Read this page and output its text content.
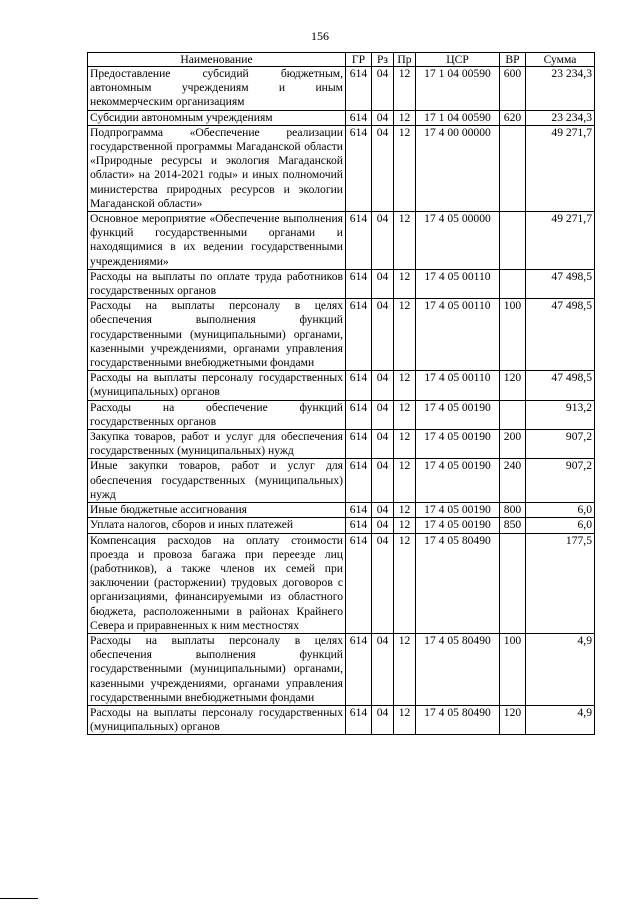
156
Наименование	ГР	Рз	Пр	ЦСР	ВР	Сумма
Предоставление субсидий бюджетным, автономным учреждениям и иным некоммерческим организациям	614	04	12	17 1 04 00590	600	23 234,3
Субсидии автономным учреждениям	614	04	12	17 1 04 00590	620	23 234,3
Подпрограмма «Обеспечение реализации государственной программы Магаданской области «Природные ресурсы и экология Магаданской области» на 2014-2021 годы» и иных полномочий министерства природных ресурсов и экологии Магаданской области»	614	04	12	17 4 00 00000		49 271,7
Основное мероприятие «Обеспечение выполнения функций государственными органами и находящимися в их ведении государственными учреждениями»	614	04	12	17 4 05 00000		49 271,7
Расходы на выплаты по оплате труда работников государственных органов	614	04	12	17 4 05 00110		47 498,5
Расходы на выплаты персоналу в целях обеспечения выполнения функций государственными (муниципальными) органами, казенными учреждениями, органами управления государственными внебюджетными фондами	614	04	12	17 4 05 00110	100	47 498,5
Расходы на выплаты персоналу государственных (муниципальных) органов	614	04	12	17 4 05 00110	120	47 498,5
Расходы на обеспечение функций государственных органов	614	04	12	17 4 05 00190		913,2
Закупка товаров, работ и услуг для обеспечения государственных (муниципальных) нужд	614	04	12	17 4 05 00190	200	907,2
Иные закупки товаров, работ и услуг для обеспечения государственных (муниципальных) нужд	614	04	12	17 4 05 00190	240	907,2
Иные бюджетные ассигнования	614	04	12	17 4 05 00190	800	6,0
Уплата налогов, сборов и иных платежей	614	04	12	17 4 05 00190	850	6,0
Компенсация расходов на оплату стоимости проезда и провоза багажа при переезде лиц (работников), а также членов их семей при заключении (расторжении) трудовых договоров с организациями, финансируемыми из областного бюджета, расположенными в районах Крайнего Севера и приравненных к ним местностях	614	04	12	17 4 05 80490		177,5
Расходы на выплаты персоналу в целях обеспечения выполнения функций государственными (муниципальными) органами, казенными учреждениями, органами управления государственными внебюджетными фондами	614	04	12	17 4 05 80490	100	4,9
Расходы на выплаты персоналу государственных (муниципальных) органов	614	04	12	17 4 05 80490	120	4,9
